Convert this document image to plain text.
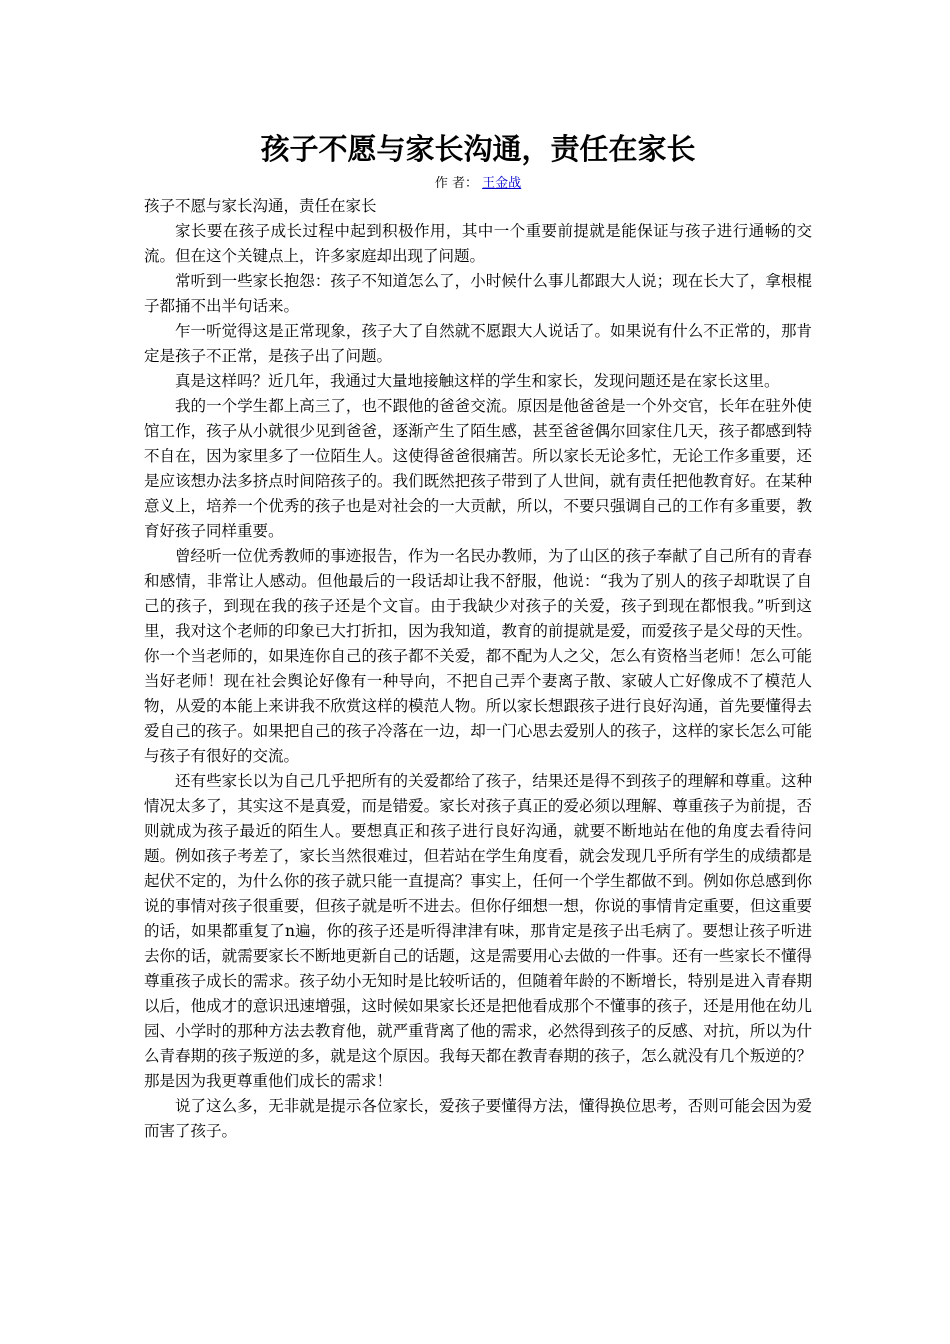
孩子不愿与家长沟通，责任在家长
作 者： 王金战

孩子不愿与家长沟通，责任在家长

家长要在孩子成长过程中起到积极作用，其中一个重要前提就是能保证与孩子进行通畅的交流。但在这个关键点上，许多家庭却出现了问题。

常听到一些家长抱怨：孩子不知道怎么了，小时候什么事儿都跟大人说；现在长大了，拿根棍子都捅不出半句话来。

乍一听觉得这是正常现象，孩子大了自然就不愿跟大人说话了。如果说有什么不正常的，那肯定是孩子不正常，是孩子出了问题。

真是这样吗？近几年，我通过大量地接触这样的学生和家长，发现问题还是在家长这里。

我的一个学生都上高三了，也不跟他的爸爸交流。原因是他爸爸是一个外交官，长年在驻外使馆工作，孩子从小就很少见到爸爸，逐渐产生了陌生感，甚至爸爸偶尔回家住几天，孩子都感到特不自在，因为家里多了一位陌生人。这使得爸爸很痛苦。所以家长无论多忙，无论工作多重要，还是应该想办法多挤点时间陪孩子的。我们既然把孩子带到了人世间，就有责任把他教育好。在某种意义上，培养一个优秀的孩子也是对社会的一大贡献，所以，不要只强调自己的工作有多重要，教育好孩子同样重要。

曾经听一位优秀教师的事迹报告，作为一名民办教师，为了山区的孩子奉献了自己所有的青春和感情，非常让人感动。但他最后的一段话却让我不舒服，他说：“我为了别人的孩子却耽误了自己的孩子，到现在我的孩子还是个文盲。由于我缺少对孩子的关爱，孩子到现在都恨我。”听到这里，我对这个老师的印象已大打折扣，因为我知道，教育的前提就是爱，而爱孩子是父母的天性。你一个当老师的，如果连你自己的孩子都不关爱，都不配为人之父，怎么有资格当老师！怎么可能当好老师！现在社会舆论好像有一种导向，不把自己弄个妻离子散、家破人亡好像成不了模范人物，从爱的本能上来讲我不欣赏这样的模范人物。所以家长想跟孩子进行良好沟通，首先要懂得去爱自己的孩子。如果把自己的孩子冷落在一边，却一门心思去爱别人的孩子，这样的家长怎么可能与孩子有很好的交流。

还有些家长以为自己几乎把所有的关爱都给了孩子，结果还是得不到孩子的理解和尊重。这种情况太多了，其实这不是真爱，而是错爱。家长对孩子真正的爱必须以理解、尊重孩子为前提，否则就成为孩子最近的陌生人。要想真正和孩子进行良好沟通，就要不断地站在他的角度去看待问题。例如孩子考差了，家长当然很难过，但若站在学生角度看，就会发现几乎所有学生的成绩都是起伏不定的，为什么你的孩子就只能一直提高？事实上，任何一个学生都做不到。例如你总感到你说的事情对孩子很重要，但孩子就是听不进去。但你仔细想一想，你说的事情肯定重要，但这重要的话，如果都重复了n遍，你的孩子还是听得津津有味，那肯定是孩子出毛病了。要想让孩子听进去你的话，就需要家长不断地更新自己的话题，这是需要用心去做的一件事。还有一些家长不懂得尊重孩子成长的需求。孩子幼小无知时是比较听话的，但随着年龄的不断增长，特别是进入青春期以后，他成才的意识迅速增强，这时候如果家长还是把他看成那个不懂事的孩子，还是用他在幼儿园、小学时的那种方法去教育他，就严重背离了他的需求，必然得到孩子的反感、对抗，所以为什么青春期的孩子叛逆的多，就是这个原因。我每天都在教青春期的孩子，怎么就没有几个叛逆的？那是因为我更尊重他们成长的需求！

说了这么多，无非就是提示各位家长，爱孩子要懂得方法，懂得换位思考，否则可能会因为爱而害了孩子。
